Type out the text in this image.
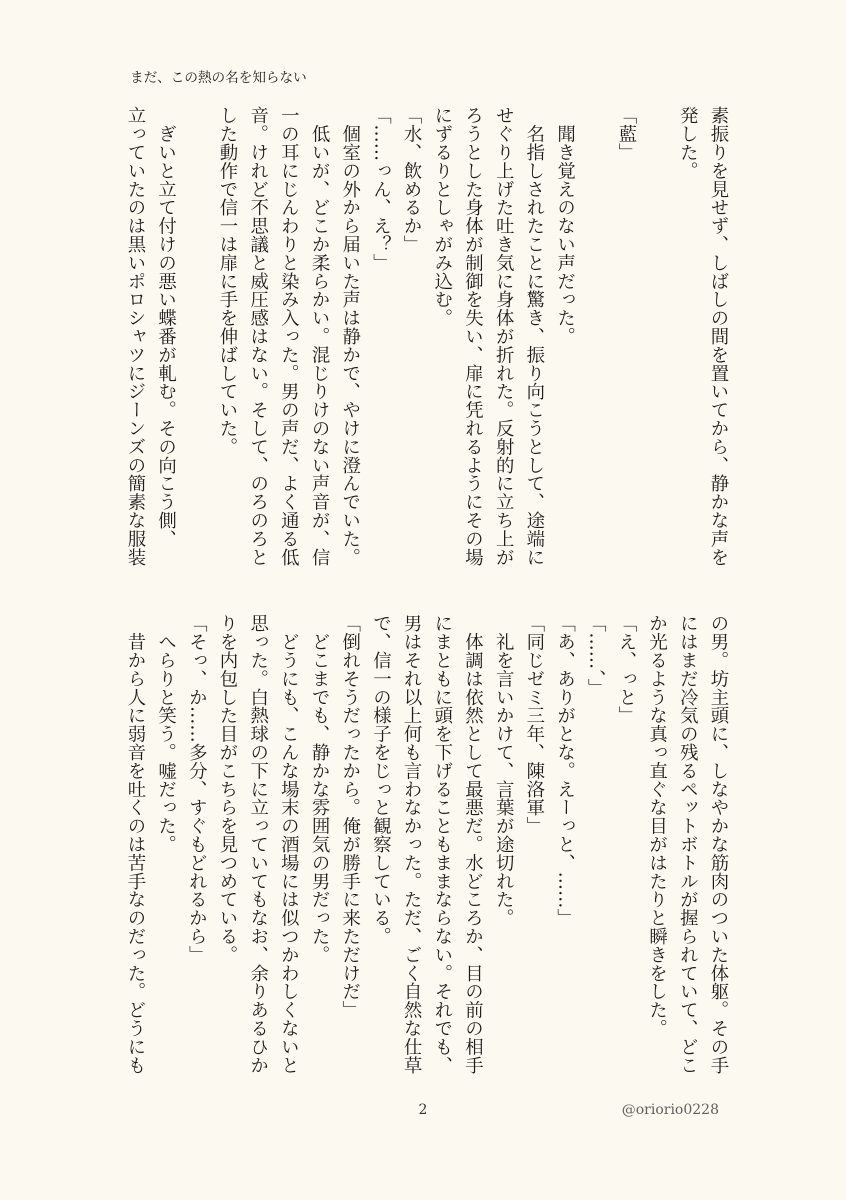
まだ、この熱の名を知らない
素振りを見せず、しばしの間を置いてから、静かな声を
発した。
「藍」
　聞き覚えのない声だった。
　名指しされたことに驚き、振り向こうとして、途端に
せぐり上げた吐き気に身体が折れた。反射的に立ち上が
ろうとした身体が制御を失い、扉に凭れるようにその場
にずるりとしゃがみ込む。
「水、飲めるか」
「……っん、え？」
　個室の外から届いた声は静かで、やけに澄んでいた。
　低いが、どこか柔らかい。混じりけのない声音が、信
一の耳にじんわりと染み入った。男の声だ、よく通る低
音。けれど不思議と威圧感はない。そして、のろのろと
した動作で信一は扉に手を伸ばしていた。
　ぎいと立て付けの悪い蝶番が軋む。その向こう側、
立っていたのは黒いポロシャツにジーンズの簡素な服装
の男。坊主頭に、しなやかな筋肉のついた体躯。その手
にはまだ冷気の残るペットボトルが握られていて、どこ
か光るような真っ直ぐな目がはたりと瞬きをした。
「え、っと」
「……、」
「あ、ありがとな。えーっと、……」
「同じゼミ三年、陳洛軍」
　礼を言いかけて、言葉が途切れた。
　体調は依然として最悪だ。水どころか、目の前の相手
にまともに頭を下げることもままならない。それでも、
男はそれ以上何も言わなかった。ただ、ごく自然な仕草
で、信一の様子をじっと観察している。
「倒れそうだったから。俺が勝手に来ただけだ」
　どこまでも、静かな雰囲気の男だった。
　どうにも、こんな場末の酒場には似つかわしくないと
思った。白熱球の下に立っていてもなお、余りあるひか
りを内包した目がこちらを見つめている。
「そっ、か……多分、すぐもどれるから」
　へらりと笑う。嘘だった。
　昔から人に弱音を吐くのは苦手なのだった。どうにも
2	@oriorio0228
